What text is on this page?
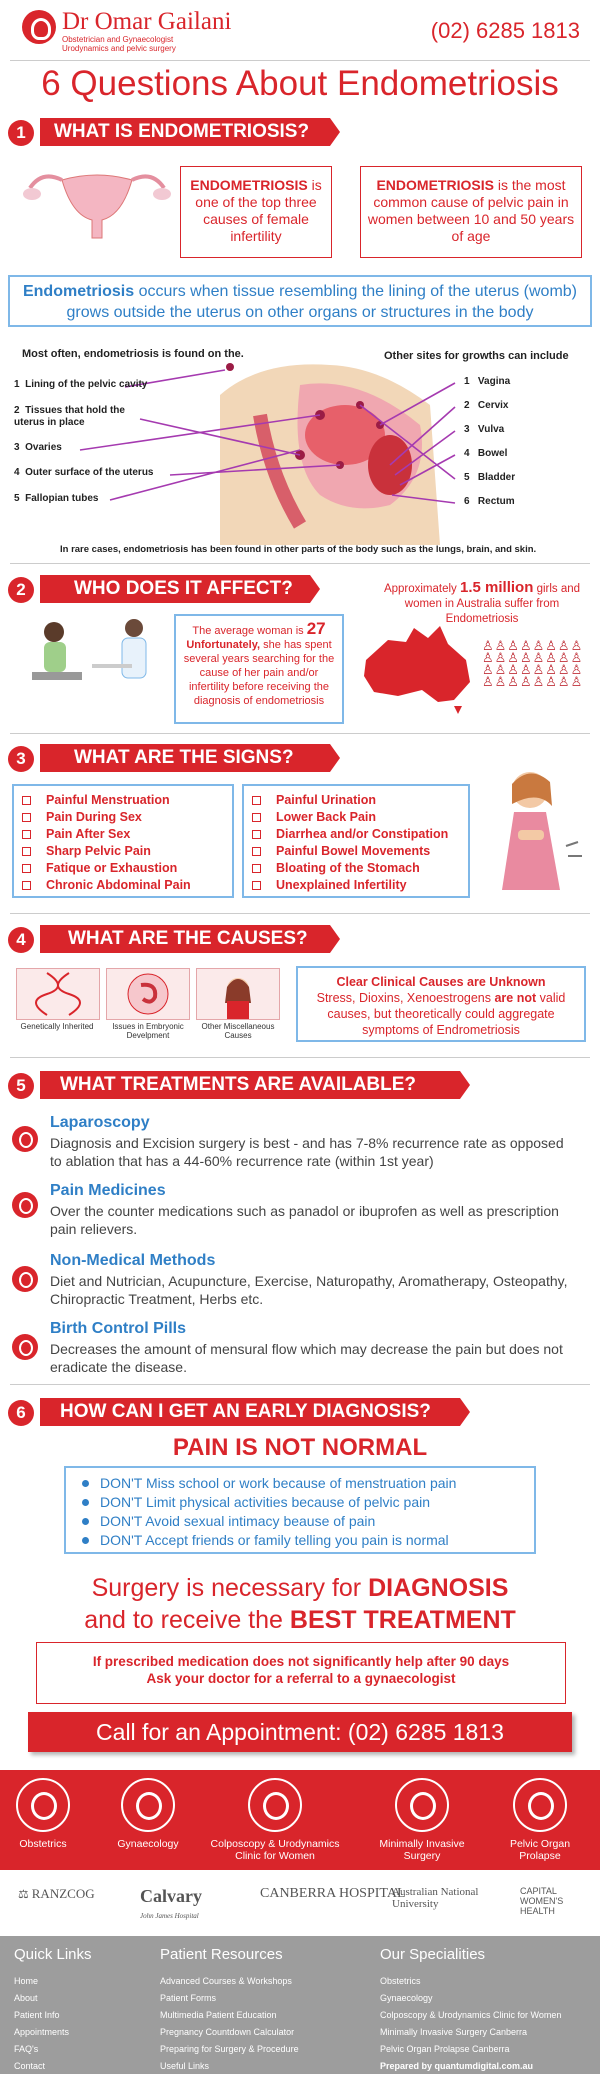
Dr Omar Gailani
Obstetrician and Gynaecologist
Urodynamics and pelvic surgery
(02) 6285 1813
6 Questions About Endometriosis
1	WHAT IS ENDOMETRIOSIS?
ENDOMETRIOSIS is one of the top three causes of female infertility
ENDOMETRIOSIS is the most common cause of pelvic pain in women between 10 and 50 years of age
Endometriosis occurs when tissue resembling the lining of the uterus (womb) grows outside the uterus on other organs or structures in the body
Most often, endometriosis is found on the.	Other sites for growths can include
1 Lining of the pelvic cavity
2 Tissues that hold the uterus in place
3 Ovaries
4 Outer surface of the uterus
5 Fallopian tubes
1 Vagina
2 Cervix
3 Vulva
4 Bowel
5 Bladder
6 Rectum
In rare cases, endometriosis has been found in other parts of the body such as the lungs, brain, and skin.
2	WHO DOES IT AFFECT?
The average woman is 27
Unfortunately, she has spent several years searching for the cause of her pain and/or infertility before receiving the diagnosis of endometriosis
Approximately 1.5 million girls and women in Australia suffer from Endometriosis
♙♙♙♙♙♙♙♙
♙♙♙♙♙♙♙♙
♙♙♙♙♙♙♙♙
♙♙♙♙♙♙♙♙
3	WHAT ARE THE SIGNS?
Painful Menstruation
Pain During Sex
Pain After Sex
Sharp Pelvic Pain
Fatique or Exhaustion
Chronic Abdominal Pain
Painful Urination
Lower Back Pain
Diarrhea and/or Constipation
Painful Bowel Movements
Bloating of the Stomach
Unexplained Infertility
4	WHAT ARE THE CAUSES?
Genetically Inherited	Issues in Embryonic Develpment
Other Miscellaneous Causes
Clear Clinical Causes are Unknown
Stress, Dioxins, Xenoestrogens are not valid causes, but theoretically could aggregate symptoms of Endrometriosis
5	WHAT TREATMENTS ARE AVAILABLE?
Laparoscopy
Diagnosis and Excision surgery is best - and has 7-8% recurrence rate as opposed to ablation that has a 44-60% recurrence rate (within 1st year)
Pain Medicines
Over the counter medications such as panadol or ibuprofen as well as prescription pain relievers.
Non-Medical Methods
Diet and Nutrician, Acupuncture, Exercise, Naturopathy, Aromatherapy, Osteopathy, Chiropractic Treatment, Herbs etc.
Birth Control Pills
Decreases the amount of mensural flow which may decrease the pain but does not eradicate the disease.
6	HOW CAN I GET AN EARLY DIAGNOSIS?
PAIN IS NOT NORMAL
DON'T Miss school or work because of menstruation pain
DON'T Limit physical activities because of pelvic pain
DON'T Avoid sexual intimacy beause of pain
DON'T Accept friends or family telling you pain is normal
Surgery is necessary for DIAGNOSIS
and to receive the BEST TREATMENT
If prescribed medication does not significantly help after 90 days
Ask your doctor for a referral to a gynaecologist
Call for an Appointment: (02) 6285 1813
Obstetrics	Gynaecology	Colposcopy & Urodynamics Clinic for Women
Minimally Invasive Surgery
Pelvic Organ Prolapse
⚖ RANZCOG	Calvary
John James Hospital
CANBERRA HOSPITAL
Australian National University
CAPITAL WOMEN'S HEALTH
Quick Links
Home
About
Patient Info
Appointments
FAQ's
Contact
Patient Resources
Advanced Courses & Workshops
Patient Forms
Multimedia Patient Education
Pregnancy Countdown Calculator
Preparing for Surgery & Procedure
Useful Links
Our Specialities
Obstetrics
Gynaecology
Colposcopy & Urodynamics Clinic for Women
Minimally Invasive Surgery Canberra
Pelvic Organ Prolapse Canberra
Prepared by quantumdigital.com.au
